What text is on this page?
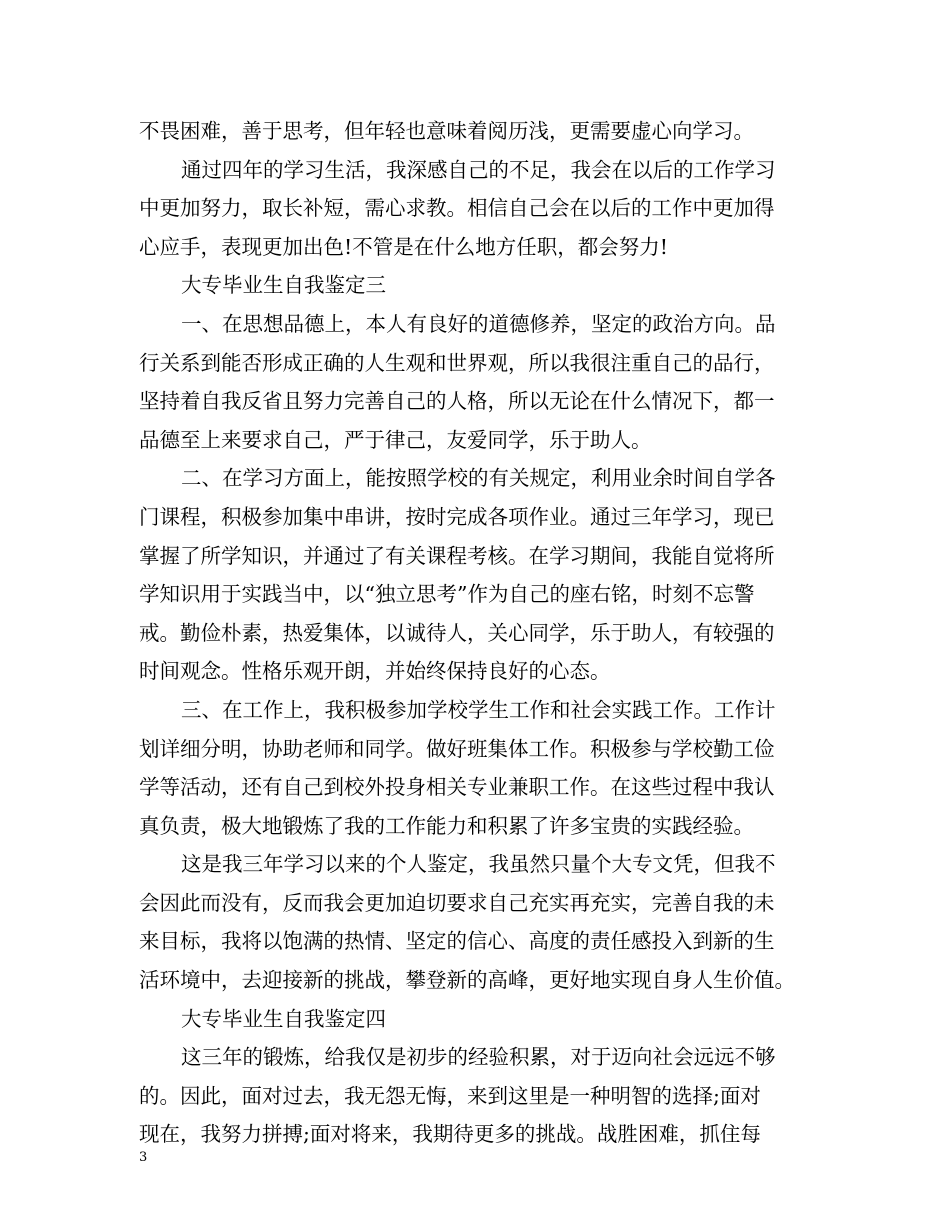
不畏困难，善于思考，但年轻也意味着阅历浅，更需要虚心向学习。
通过四年的学习生活，我深感自己的不足，我会在以后的工作学习
中更加努力，取长补短，需心求教。相信自己会在以后的工作中更加得
心应手，表现更加出色!不管是在什么地方任职，都会努力!
大专毕业生自我鉴定三
一、在思想品德上，本人有良好的道德修养，坚定的政治方向。品
行关系到能否形成正确的人生观和世界观，所以我很注重自己的品行，
坚持着自我反省且努力完善自己的人格，所以无论在什么情况下，都一
品德至上来要求自己，严于律己，友爱同学，乐于助人。
二、在学习方面上，能按照学校的有关规定，利用业余时间自学各
门课程，积极参加集中串讲，按时完成各项作业。通过三年学习，现已
掌握了所学知识，并通过了有关课程考核。在学习期间，我能自觉将所
学知识用于实践当中，以“独立思考”作为自己的座右铭，时刻不忘警
戒。勤俭朴素，热爱集体，以诚待人，关心同学，乐于助人，有较强的
时间观念。性格乐观开朗，并始终保持良好的心态。
三、在工作上，我积极参加学校学生工作和社会实践工作。工作计
划详细分明，协助老师和同学。做好班集体工作。积极参与学校勤工俭
学等活动，还有自己到校外投身相关专业兼职工作。在这些过程中我认
真负责，极大地锻炼了我的工作能力和积累了许多宝贵的实践经验。
这是我三年学习以来的个人鉴定，我虽然只量个大专文凭，但我不
会因此而没有，反而我会更加迫切要求自己充实再充实，完善自我的未
来目标，我将以饱满的热情、坚定的信心、高度的责任感投入到新的生
活环境中，去迎接新的挑战，攀登新的高峰，更好地实现自身人生价值。
大专毕业生自我鉴定四
这三年的锻炼，给我仅是初步的经验积累，对于迈向社会远远不够
的。因此，面对过去，我无怨无悔，来到这里是一种明智的选择;面对
现在，我努力拼搏;面对将来，我期待更多的挑战。战胜困难，抓住每
3
